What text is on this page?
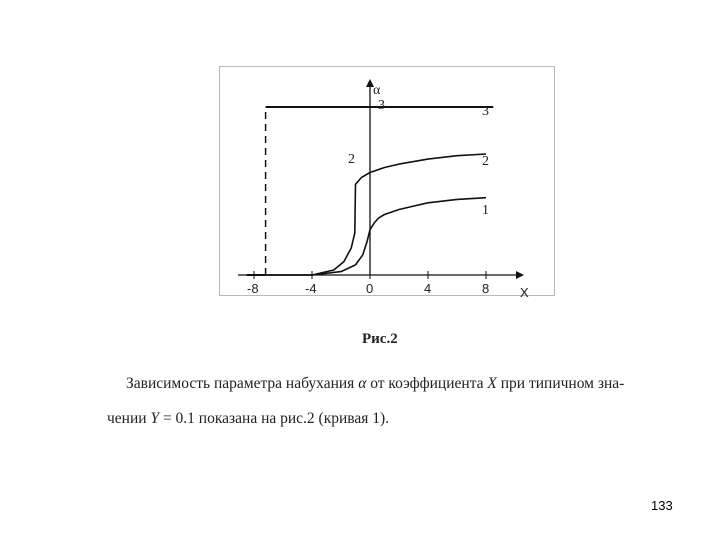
-8	-4	0	4	8
3
2
3
2
1
α
X
Рис.2
Зависимость параметра набухания α от коэффициента X при типичном зна-
чении Y = 0.1 показана на рис.2 (кривая 1).
133
